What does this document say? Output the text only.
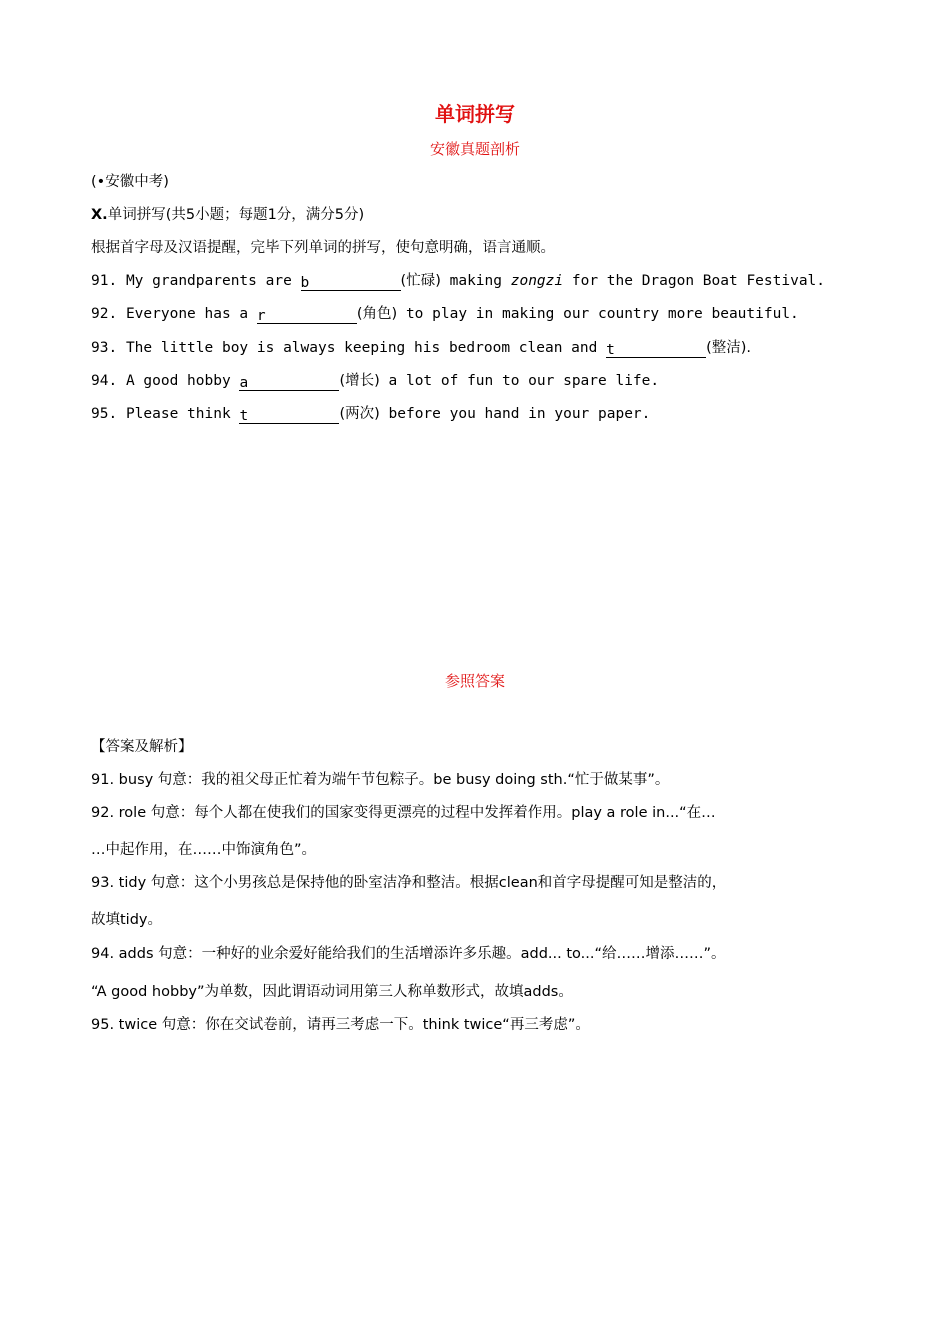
单词拼写
安徽真题剖析
(•安徽中考)
X.单词拼写(共5小题；每题1分，满分5分)
根据首字母及汉语提醒，完毕下列单词的拼写，使句意明确，语言通顺。
91. My grandparents are b	(忙碌) making zongzi for the Dragon Boat Festival.
92. Everyone has a r	(角色) to play in making our country more beautiful.
93. The little boy is always keeping his bedroom clean and t	(整洁).
94. A good hobby a	(增长) a lot of fun to our spare life.
95. Please think t	(两次) before you hand in your paper.
参照答案
【答案及解析】
91. busy 句意：我的祖父母正忙着为端午节包粽子。be busy doing sth.“忙于做某事”。
92. role 句意：每个人都在使我们的国家变得更漂亮的过程中发挥着作用。play a role in...“在…
…中起作用，在……中饰演角色”。
93. tidy 句意：这个小男孩总是保持他的卧室洁净和整洁。根据clean和首字母提醒可知是整洁的，
故填tidy。
94. adds 句意：一种好的业余爱好能给我们的生活增添许多乐趣。add... to...“给……增添……”。
“A good hobby”为单数，因此谓语动词用第三人称单数形式，故填adds。
95. twice 句意：你在交试卷前，请再三考虑一下。think twice“再三考虑”。
